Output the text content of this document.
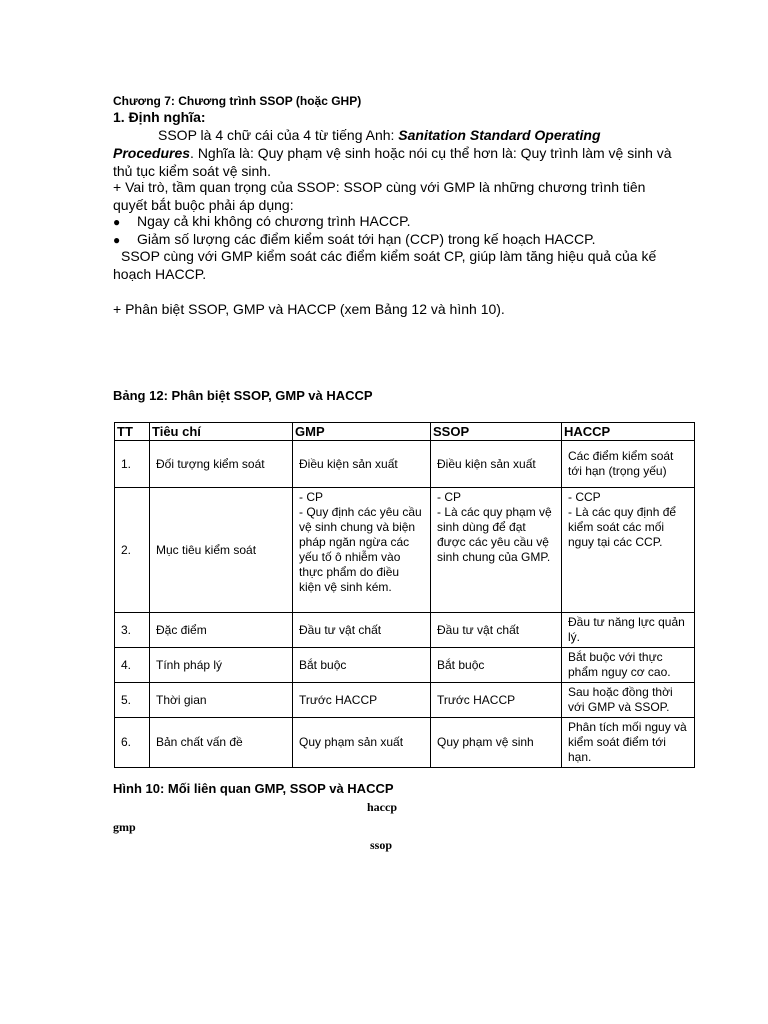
Chương 7: Chương trình SSOP (hoặc GHP)
1. Định nghĩa:
SSOP là 4 chữ cái của 4 từ tiếng Anh: Sanitation Standard Operating Procedures. Nghĩa là: Quy phạm vệ sinh hoặc nói cụ thể hơn là: Quy trình làm vệ sinh và thủ tục kiểm soát vệ sinh.
+ Vai trò, tầm quan trọng của SSOP: SSOP cùng với GMP là những chương trình tiên quyết bắt buộc phải áp dụng:
● Ngay cả khi không có chương trình HACCP.
● Giảm số lượng các điểm kiểm soát tới hạn (CCP) trong kế hoạch HACCP.
SSOP cùng với GMP kiểm soát các điểm kiểm soát CP, giúp làm tăng hiệu quả của kế hoạch HACCP.
+ Phân biệt SSOP, GMP và HACCP (xem Bảng 12 và hình 10).
Bảng 12: Phân biệt SSOP, GMP và HACCP
TT	Tiêu chí	GMP	SSOP	HACCP
1.	Đối tượng kiểm soát	Điều kiện sản xuất	Điều kiện sản xuất	Các điểm kiểm soát tới hạn (trọng yếu)
2.	Mục tiêu kiểm soát	- CP
- Quy định các yêu cầu vệ sinh chung và biện pháp ngăn ngừa các yếu tố ô nhiễm vào thực phẩm do điều kiện vệ sinh kém.	- CP
- Là các quy phạm vệ sinh dùng để đạt được các yêu cầu vệ sinh chung của GMP.	- CCP
- Là các quy định để kiểm soát các mối nguy tại các CCP.
3.	Đặc điểm	Đầu tư vật chất	Đầu tư vật chất	Đầu tư năng lực quản lý.
4.	Tính pháp lý	Bắt buộc	Bắt buộc	Bắt buộc với thực phẩm nguy cơ cao.
5.	Thời gian	Trước HACCP	Trước HACCP	Sau hoặc đồng thời với GMP và SSOP.
6.	Bản chất vấn đề	Quy phạm sản xuất	Quy phạm vệ sinh	Phân tích mối nguy và kiểm soát điểm tới hạn.
Hình 10: Mối liên quan GMP, SSOP và HACCP
haccp
gmp
ssop
